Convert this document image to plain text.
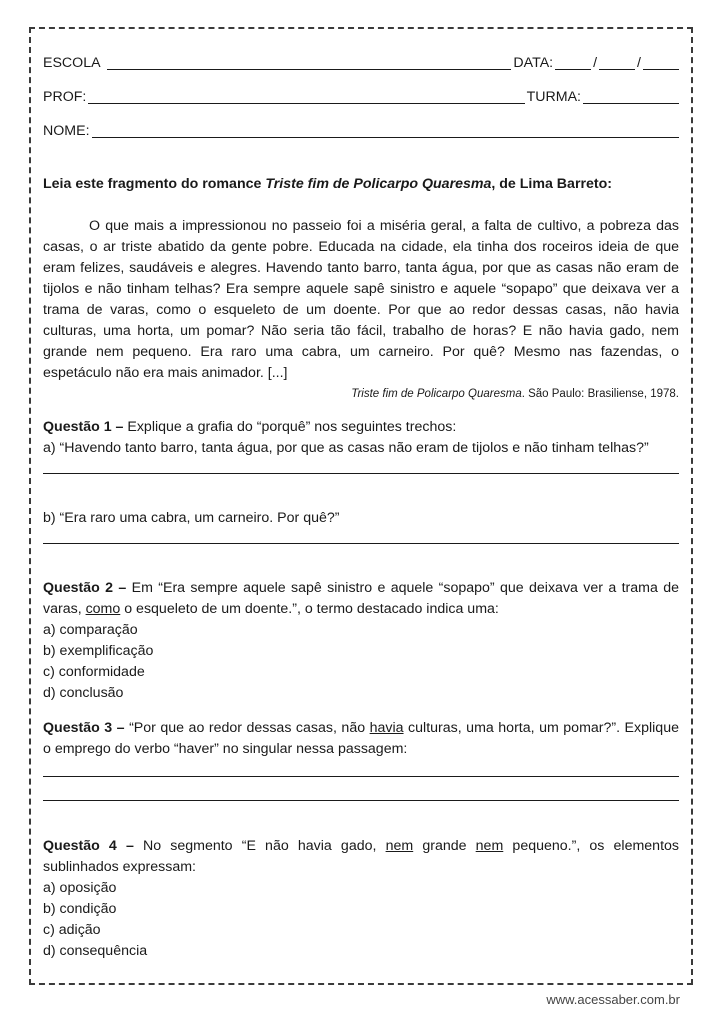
ESCOLA	DATA:	/	/
PROF:	TURMA:
NOME:
Leia este fragmento do romance Triste fim de Policarpo Quaresma, de Lima Barreto:
O que mais a impressionou no passeio foi a miséria geral, a falta de cultivo, a pobreza das casas, o ar triste abatido da gente pobre. Educada na cidade, ela tinha dos roceiros ideia de que eram felizes, saudáveis e alegres. Havendo tanto barro, tanta água, por que as casas não eram de tijolos e não tinham telhas? Era sempre aquele sapê sinistro e aquele “sopapo” que deixava ver a trama de varas, como o esqueleto de um doente. Por que ao redor dessas casas, não havia culturas, uma horta, um pomar? Não seria tão fácil, trabalho de horas? E não havia gado, nem grande nem pequeno. Era raro uma cabra, um carneiro. Por quê? Mesmo nas fazendas, o espetáculo não era mais animador. [...]
Triste fim de Policarpo Quaresma. São Paulo: Brasiliense, 1978.

Questão 1 – Explique a grafia do “porquê” nos seguintes trechos:

a) “Havendo tanto barro, tanta água, por que as casas não eram de tijolos e não tinham telhas?”

b) “Era raro uma cabra, um carneiro. Por quê?”

Questão 2 – Em “Era sempre aquele sapê sinistro e aquele “sopapo” que deixava ver a trama de varas, como o esqueleto de um doente.”, o termo destacado indica uma:

a) comparação

b) exemplificação

c) conformidade

d) conclusão

Questão 3 – “Por que ao redor dessas casas, não havia culturas, uma horta, um pomar?”. Explique o emprego do verbo “haver” no singular nessa passagem:

Questão 4 – No segmento “E não havia gado, nem grande nem pequeno.”, os elementos sublinhados expressam:

a) oposição

b) condição

c) adição

d) consequência

www.acessaber.com.br
